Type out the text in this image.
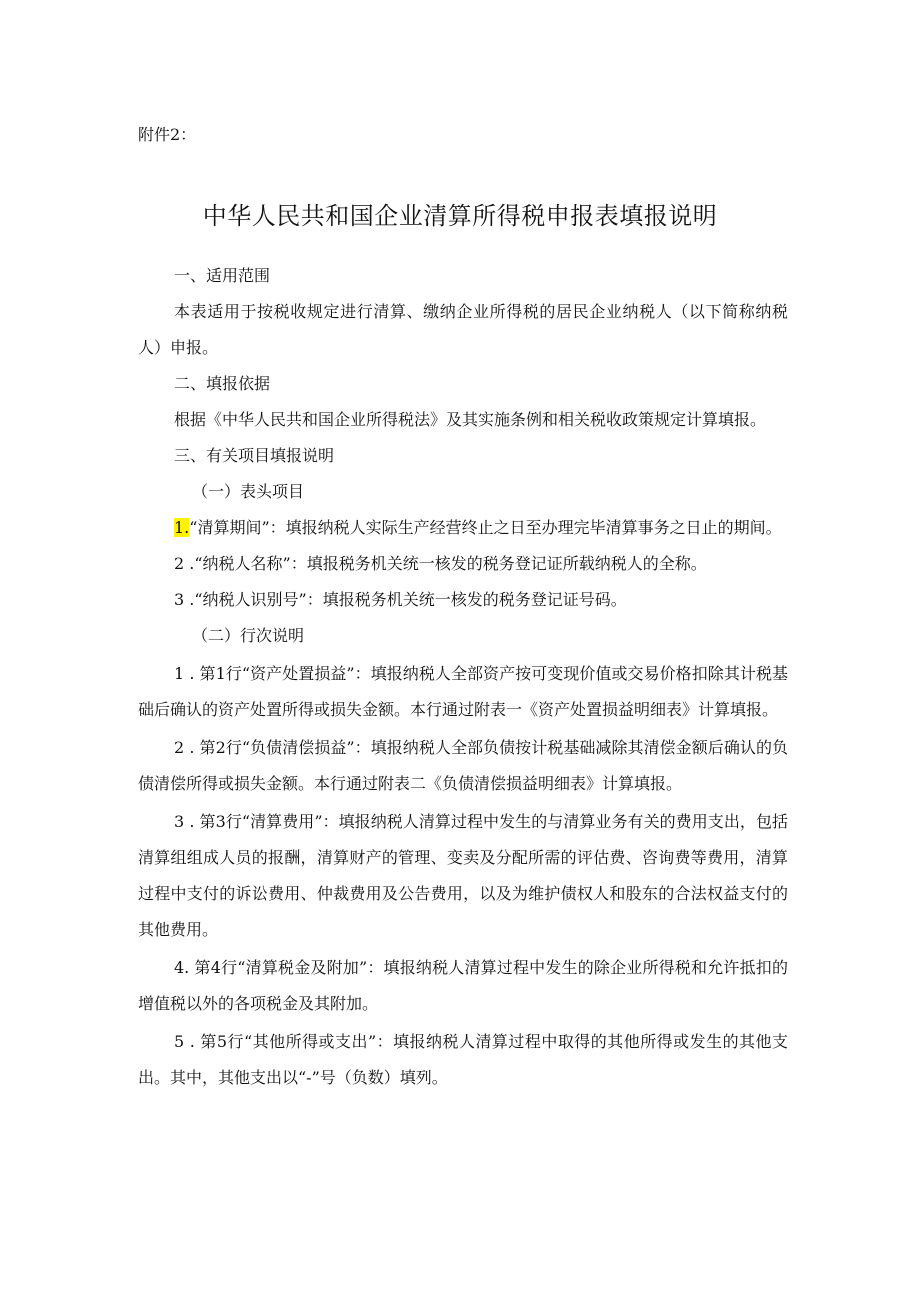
附件2：
中华人民共和国企业清算所得税申报表填报说明

一、适用范围

本表适用于按税收规定进行清算、缴纳企业所得税的居民企业纳税人（以下简称纳税人）申报。

二、填报依据

根据《中华人民共和国企业所得税法》及其实施条例和相关税收政策规定计算填报。

三、有关项目填报说明

（一）表头项目

1.“清算期间”：填报纳税人实际生产经营终止之日至办理完毕清算事务之日止的期间。

2 .“纳税人名称”：填报税务机关统一核发的税务登记证所载纳税人的全称。

3 .“纳税人识别号”：填报税务机关统一核发的税务登记证号码。

（二）行次说明

1 . 第1行“资产处置损益”：填报纳税人全部资产按可变现价值或交易价格扣除其计税基础后确认的资产处置所得或损失金额。本行通过附表一《资产处置损益明细表》计算填报。

2 . 第2行“负债清偿损益”：填报纳税人全部负债按计税基础减除其清偿金额后确认的负债清偿所得或损失金额。本行通过附表二《负债清偿损益明细表》计算填报。

3 . 第3行“清算费用”：填报纳税人清算过程中发生的与清算业务有关的费用支出，包括清算组组成人员的报酬，清算财产的管理、变卖及分配所需的评估费、咨询费等费用，清算过程中支付的诉讼费用、仲裁费用及公告费用，以及为维护债权人和股东的合法权益支付的其他费用。

4. 第4行“清算税金及附加”：填报纳税人清算过程中发生的除企业所得税和允许抵扣的增值税以外的各项税金及其附加。

5 . 第5行“其他所得或支出”：填报纳税人清算过程中取得的其他所得或发生的其他支出。其中，其他支出以“-”号（负数）填列。
